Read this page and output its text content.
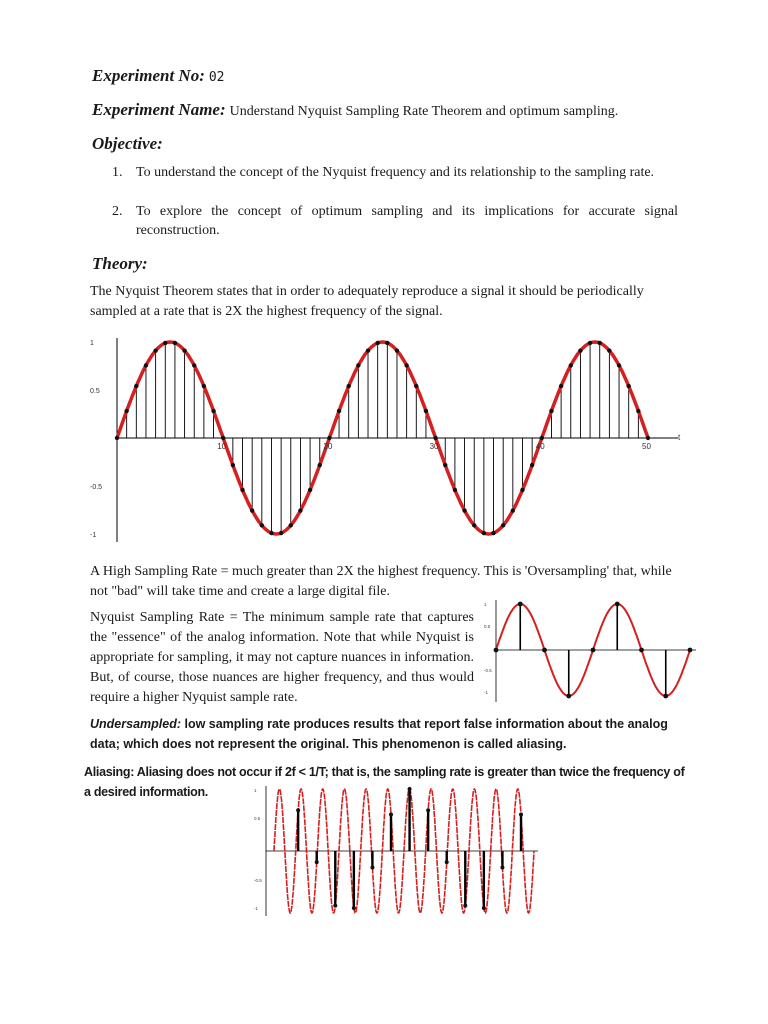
Experiment No: 02
Experiment Name: Understand Nyquist Sampling Rate Theorem and optimum sampling.
Objective:
1. To understand the concept of the Nyquist frequency and its relationship to the sampling rate.
2. To explore the concept of optimum sampling and its implications for accurate signal reconstruction.
Theory:
The Nyquist Theorem states that in order to adequately reproduce a signal it should be periodically sampled at a rate that is 2X the highest frequency of the signal.
10	20	30	40	50
t
1
0.5
-0.5
-1
A High Sampling Rate = much greater than 2X the highest frequency. This is 'Oversampling' that, while not "bad" will take time and create a large digital file.
Nyquist Sampling Rate = The minimum sample rate that captures the "essence" of the analog information. Note that while Nyquist is appropriate for sampling, it may not capture nuances in information. But, of course, those nuances are higher frequency, and thus would require a higher Nyquist sample rate.
1
0.5
-0.5
-1
Undersampled: low sampling rate produces results that report false information about the analog data; which does not represent the original. This phenomenon is called aliasing.
Aliasing: Aliasing does not occur if 2f < 1/T; that is, the sampling rate is greater than twice the frequency of a desired information.	1
0.5
-0.5
-1
